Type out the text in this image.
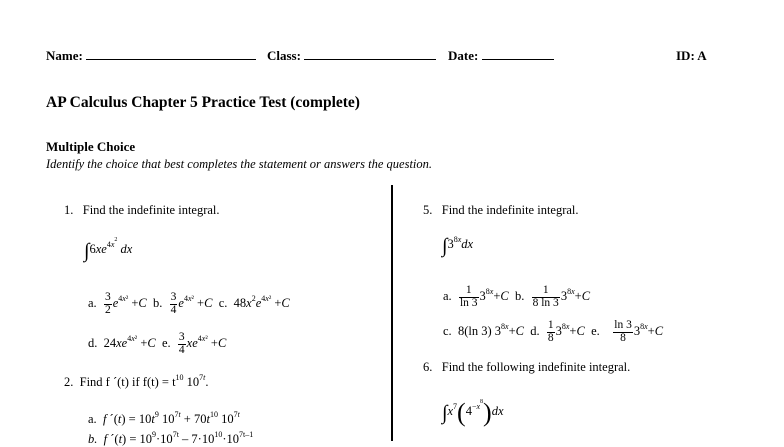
Name:	Class:	Date:	ID: A
AP Calculus Chapter 5 Practice Test (complete)
Multiple Choice
Identify the choice that best completes the statement or answers the question.
1. Find the indefinite integral.
$\int 6xe^{4x^2}$ dx
a. $\frac{3}{2} e^{4x^2} +C$ b. $\frac{3}{4} e^{4x^2} +C$ c.  $48x^2e^{4x^2} +C$
d.  $24xe^{4x^2} +C$ e. $\frac{3}{4} xe^{4x^2} +C$
2. Find f ´(t) if $f(t) = t^{10}$ $10^{7t}$.
a. f ´(t) = $10t^9$ $10^{7t} + 70t^{10}$ $10^{7t}$
b. f ´(t) = $10^9\cdot 10^{7t} - 7\cdot 10^{10}\cdot 10^{7t-1}$
5. Find the indefinite integral.
$\int 3^{8x}dx$
a. $\frac{1}{\ln 3} 3^{8x}+C$ b. $\frac{1}{8 \ln 3} 3^{8x}+C$
c.  8(ln 3) $3^{8x}+C$ d. $\frac{1}{8} 3^{8x}+C$ e. $\frac{\ln 3}{8} 3^{8x}+C$
6. Find the following indefinite integral.
$\int x^7(4^{-x^8})dx$
